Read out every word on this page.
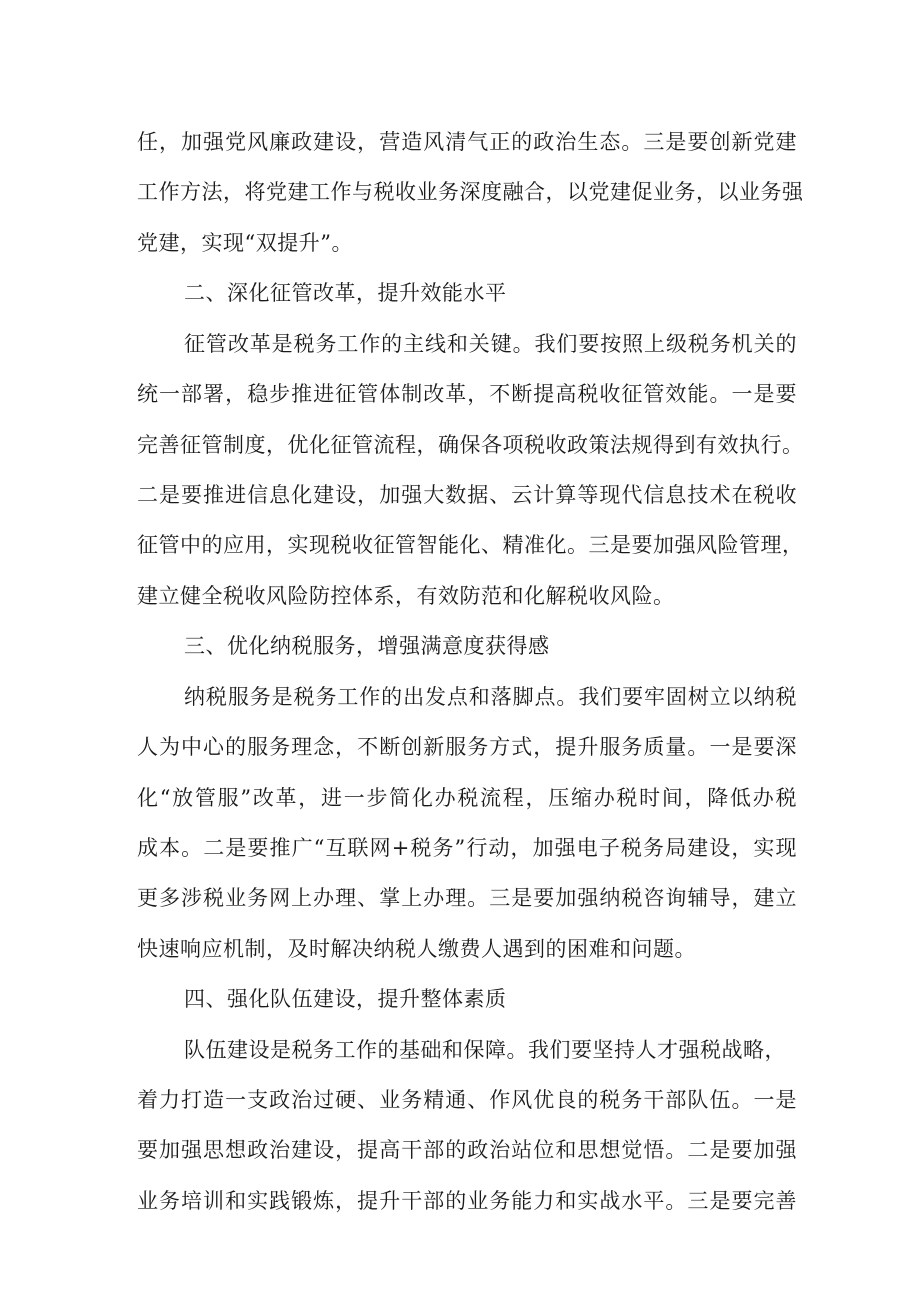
任，加强党风廉政建设，营造风清气正的政治生态。三是要创新党建
工作方法，将党建工作与税收业务深度融合，以党建促业务，以业务强
党建，实现“双提升”。
二、深化征管改革，提升效能水平
征管改革是税务工作的主线和关键。我们要按照上级税务机关的
统一部署，稳步推进征管体制改革，不断提高税收征管效能。一是要
完善征管制度，优化征管流程，确保各项税收政策法规得到有效执行。
二是要推进信息化建设，加强大数据、云计算等现代信息技术在税收
征管中的应用，实现税收征管智能化、精准化。三是要加强风险管理，
建立健全税收风险防控体系，有效防范和化解税收风险。
三、优化纳税服务，增强满意度获得感
纳税服务是税务工作的出发点和落脚点。我们要牢固树立以纳税
人为中心的服务理念，不断创新服务方式，提升服务质量。一是要深
化“放管服”改革，进一步简化办税流程，压缩办税时间，降低办税
成本。二是要推广“互联网+税务”行动，加强电子税务局建设，实现
更多涉税业务网上办理、掌上办理。三是要加强纳税咨询辅导，建立
快速响应机制，及时解决纳税人缴费人遇到的困难和问题。
四、强化队伍建设，提升整体素质
队伍建设是税务工作的基础和保障。我们要坚持人才强税战略，
着力打造一支政治过硬、业务精通、作风优良的税务干部队伍。一是
要加强思想政治建设，提高干部的政治站位和思想觉悟。二是要加强
业务培训和实践锻炼，提升干部的业务能力和实战水平。三是要完善
